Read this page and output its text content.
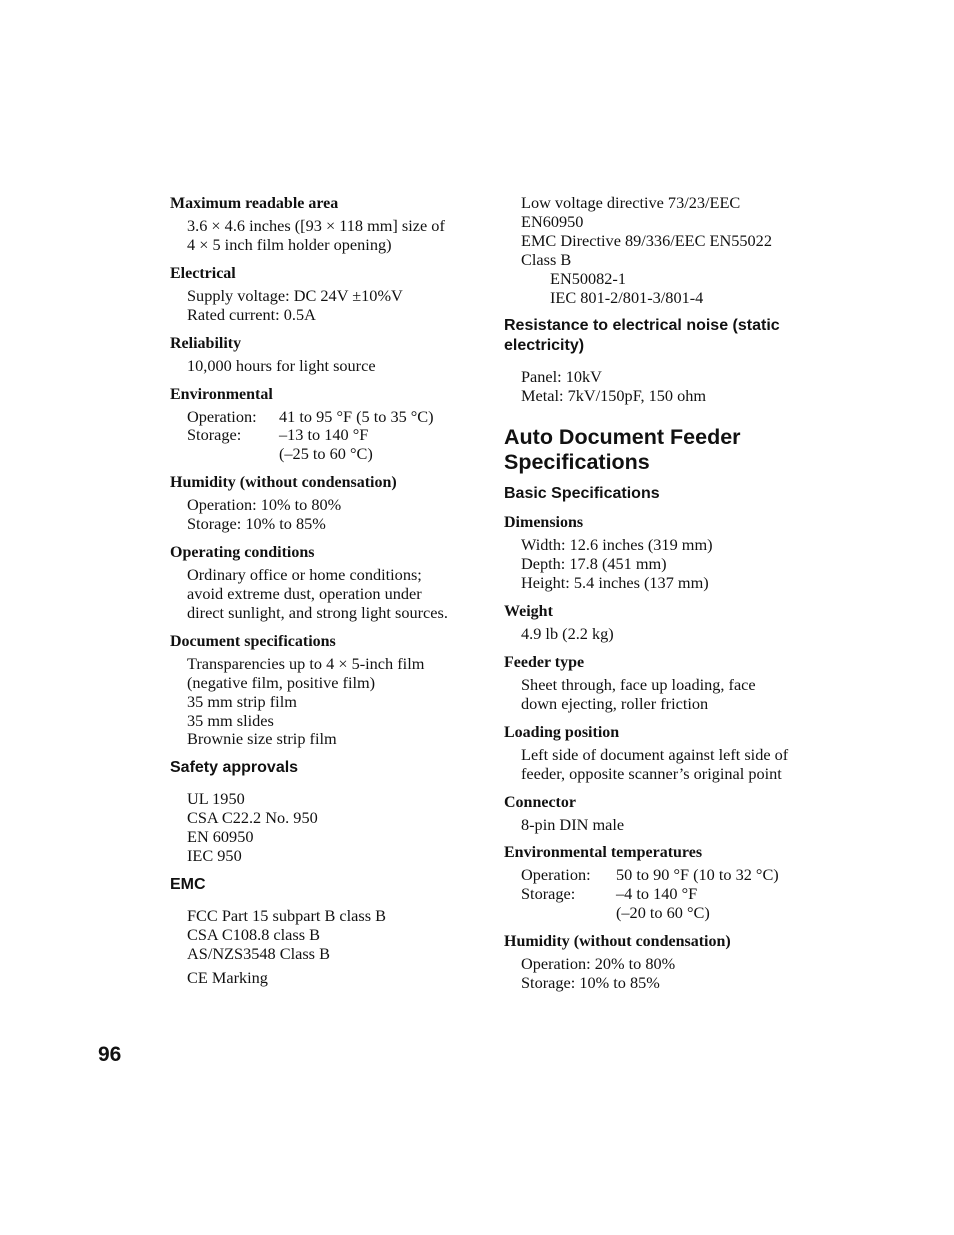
Maximum readable area

3.6 × 4.6 inches ([93 × 118 mm] size of
4 × 5 inch film holder opening)

Electrical

Supply voltage: DC 24V ±10%V
Rated current: 0.5A

Reliability

10,000 hours for light source

Environmental

Operation:	41 to 95 °F (5 to 35 °C)
Storage:	–13 to 140 °F
(–25 to 60 °C)

Humidity (without condensation)

Operation: 10% to 80%
Storage: 10% to 85%

Operating conditions

Ordinary office or home conditions;
avoid extreme dust, operation under
direct sunlight, and strong light sources.

Document specifications

Transparencies up to 4 × 5-inch film
(negative film, positive film)
35 mm strip film
35 mm slides
Brownie size strip film

Safety approvals

UL 1950
CSA C22.2 No. 950
EN 60950
IEC 950

EMC

FCC Part 15 subpart B class B
CSA C108.8 class B
AS/NZS3548 Class B
CE Marking
Low voltage directive 73/23/EEC
EN60950
EMC Directive 89/336/EEC EN55022
Class B
EN50082-1
IEC 801-2/801-3/801-4

Resistance to electrical noise (static
electricity)

Panel: 10kV
Metal: 7kV/150pF, 150 ohm

Auto Document Feeder
Specifications

Basic Specifications

Dimensions

Width: 12.6 inches (319 mm)
Depth: 17.8 (451 mm)
Height: 5.4 inches (137 mm)

Weight

4.9 lb (2.2 kg)

Feeder type

Sheet through, face up loading, face
down ejecting, roller friction

Loading position

Left side of document against left side of
feeder, opposite scanner’s original point

Connector

8-pin DIN male

Environmental temperatures

Operation:	50 to 90 °F (10 to 32 °C)
Storage:	–4 to 140 °F
(–20 to 60 °C)

Humidity (without condensation)

Operation: 20% to 80%
Storage: 10% to 85%
96
